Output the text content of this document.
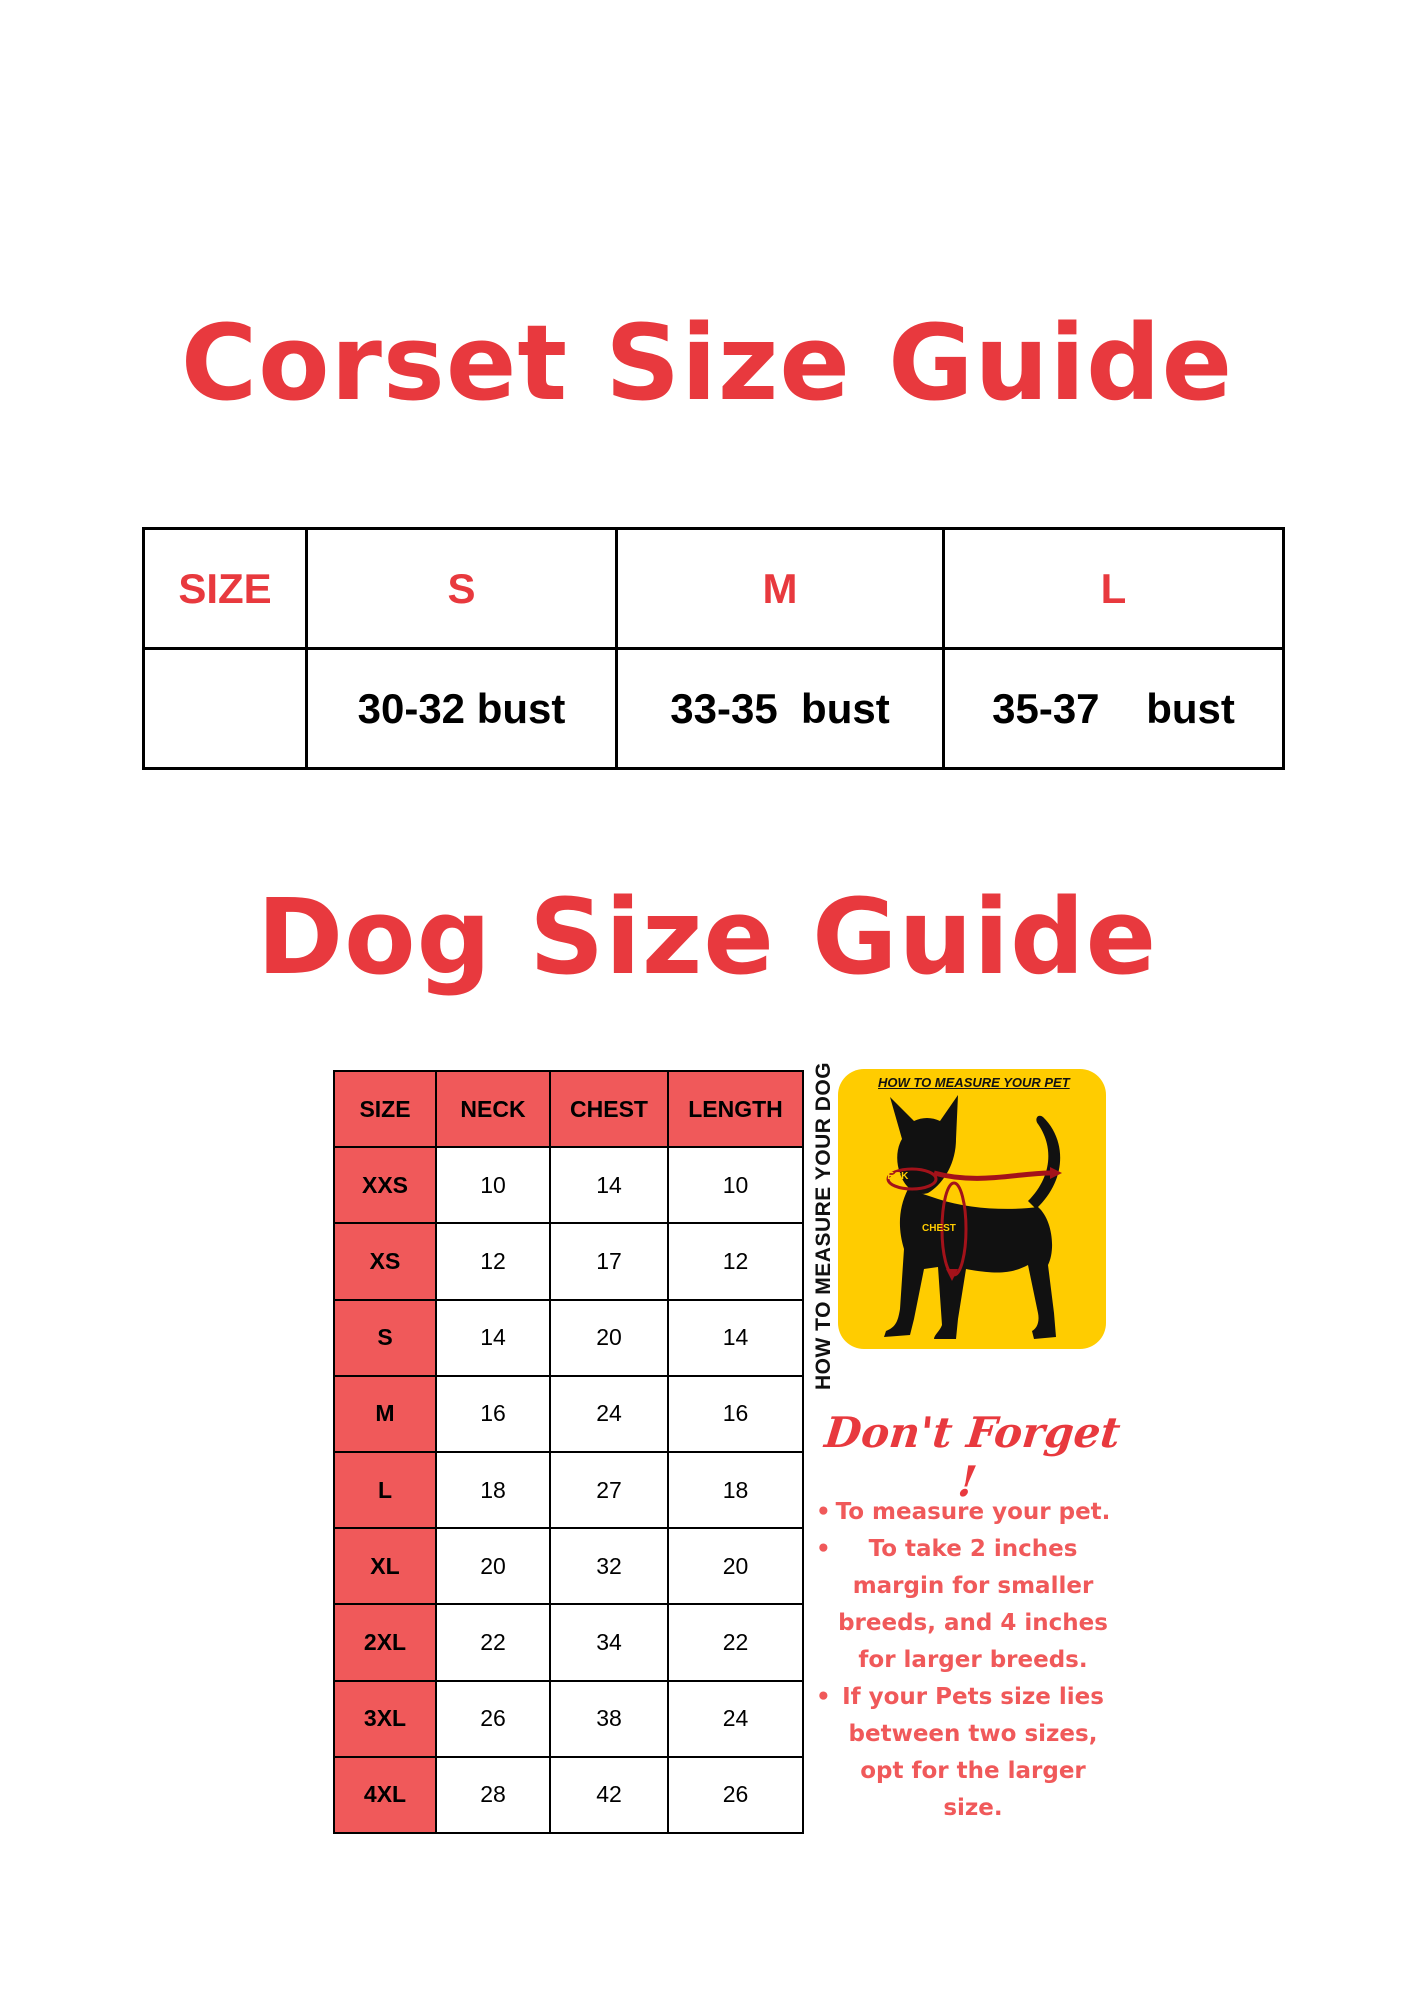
Corset Size Guide
SIZE	S	M	L
	30-32 bust	33-35  bust	35-37    bust
Dog Size Guide
SIZE	NECK	CHEST	LENGTH
XXS	10	14	10
XS	12	17	12
S	14	20	14
M	16	24	16
L	18	27	18
XL	20	32	20
2XL	22	34	22
3XL	26	38	24
4XL	28	42	26
HOW TO MEASURE YOUR DOG	HOW TO MEASURE YOUR PET
NECK
LENGTH
CHEST
Don't Forget !
• To measure your pet.
• To take 2 inches margin for smaller breeds, and 4 inches for larger breeds.
• If your Pets size lies between two sizes, opt for the larger size.
